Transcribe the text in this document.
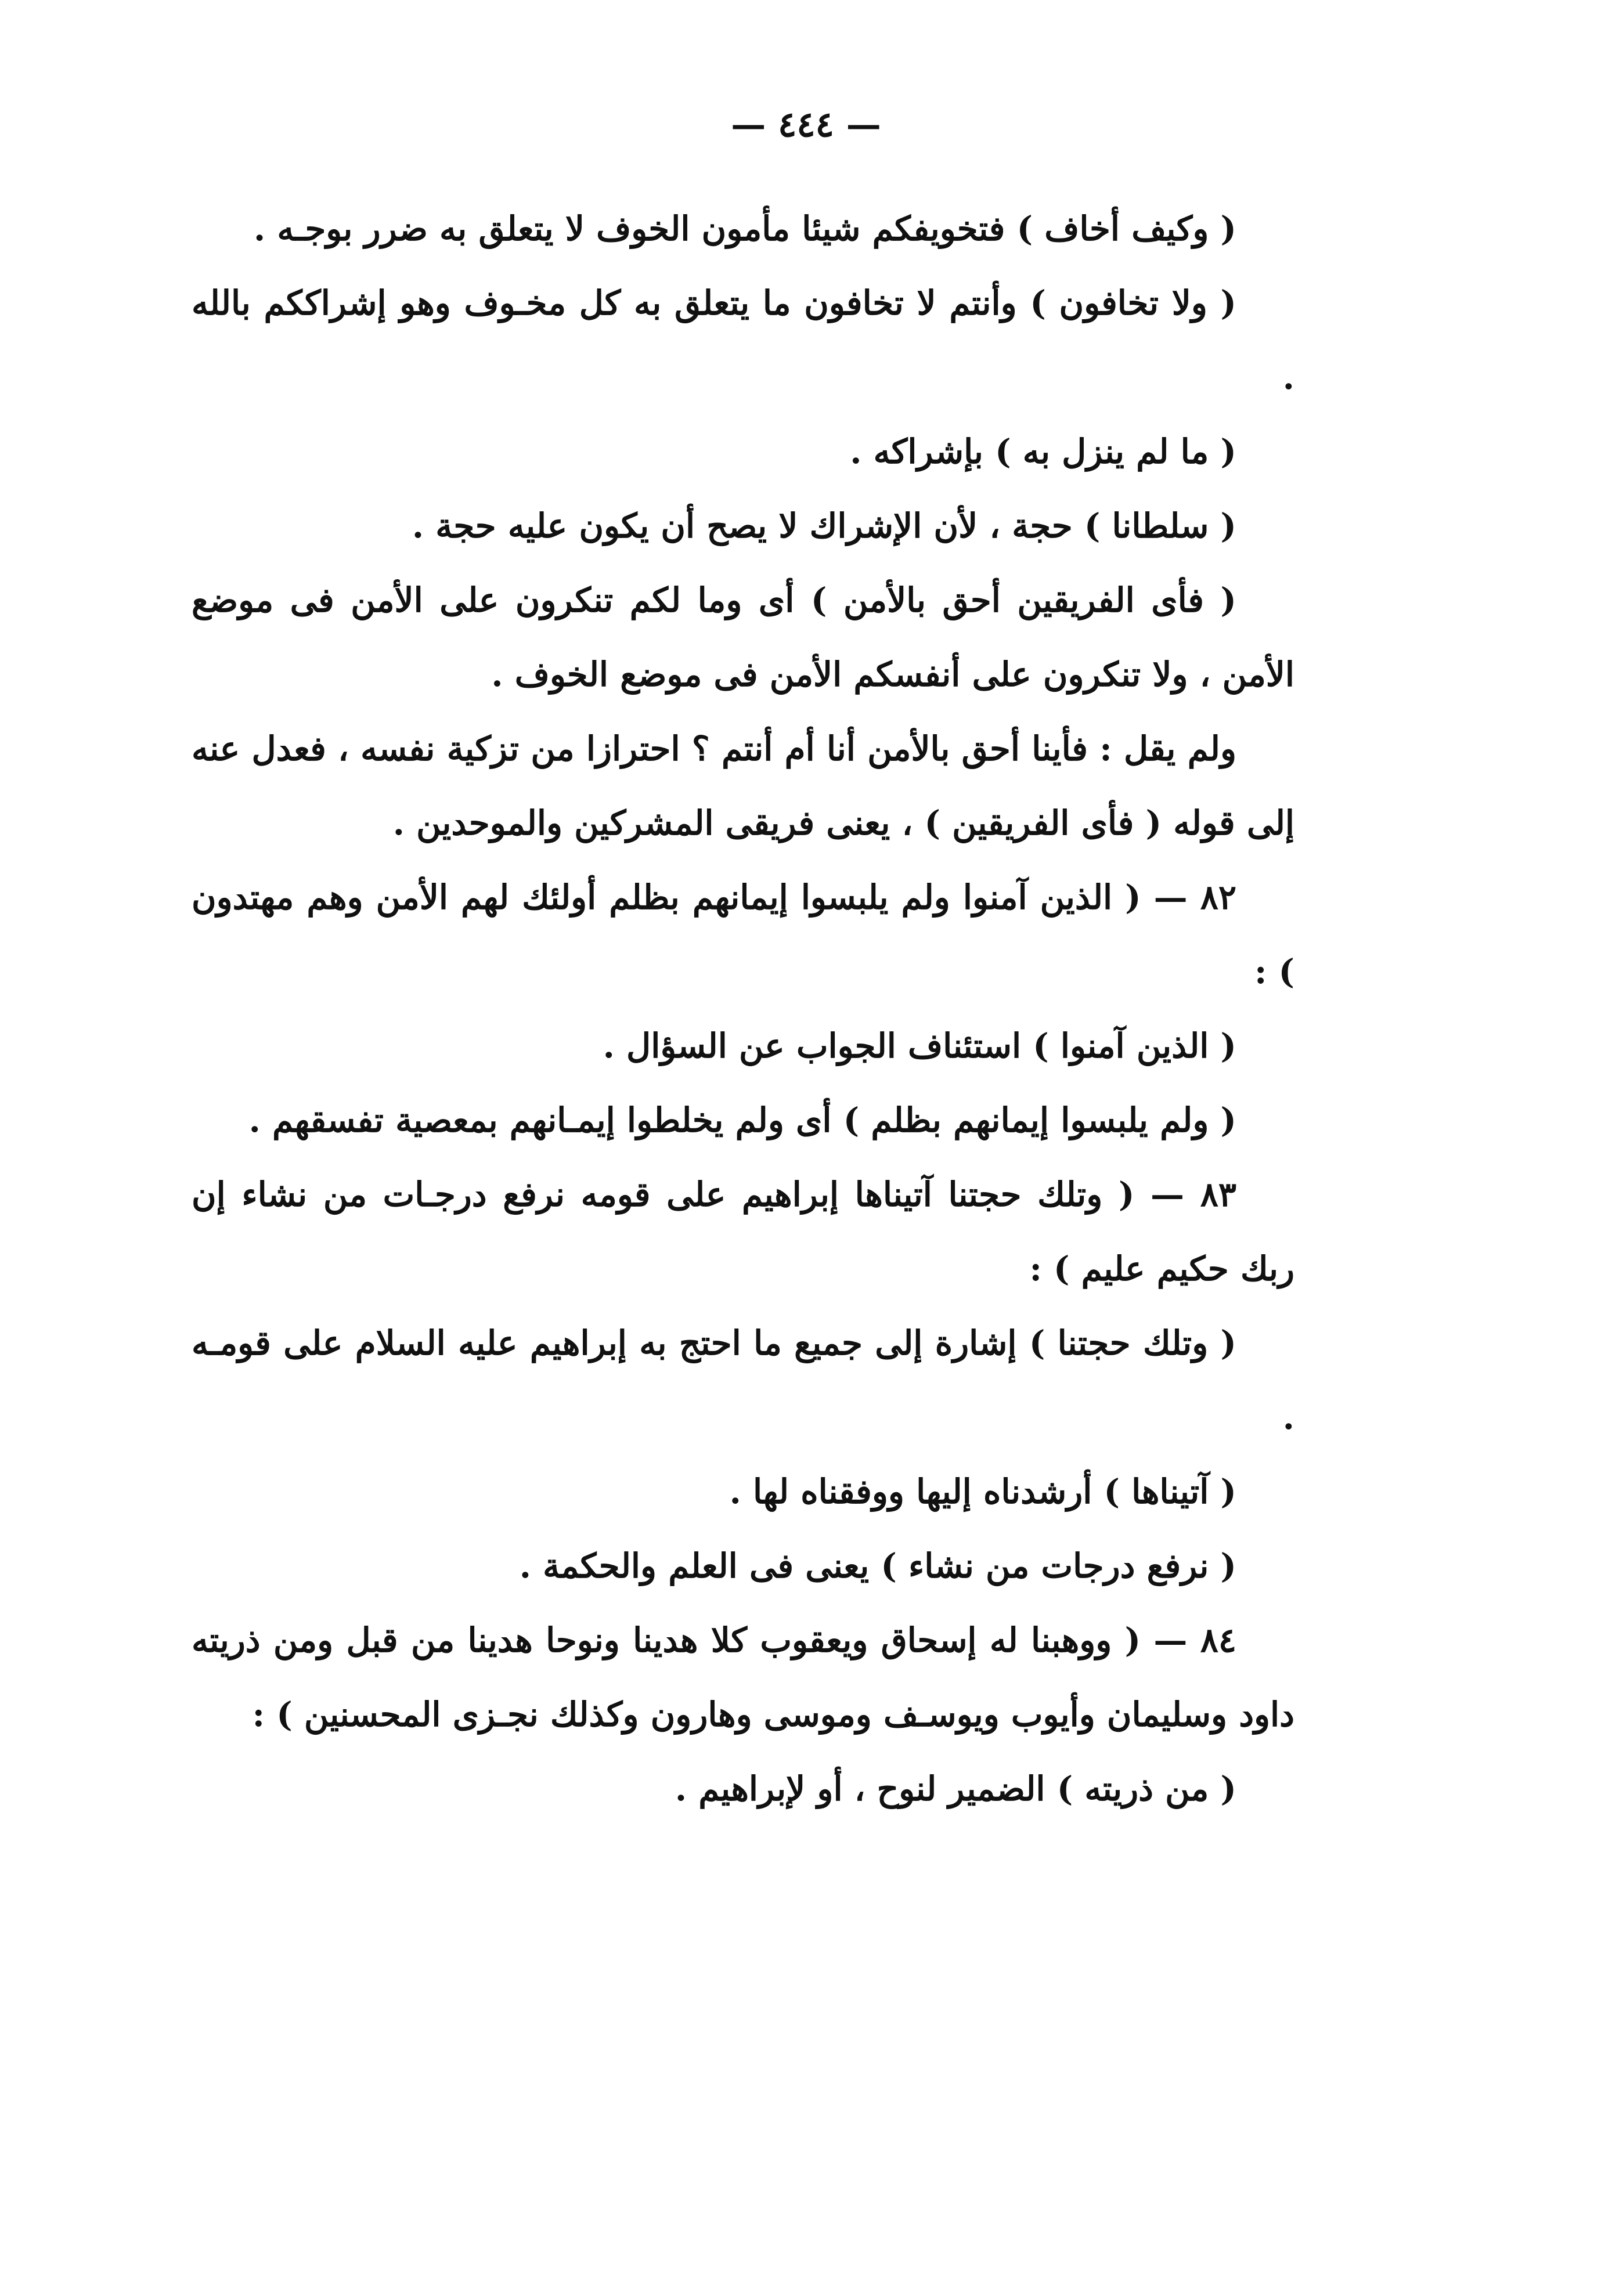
— ٤٤٤ —

( وكيف أخاف ) فتخويفكم شيئا مأمون الخوف لا يتعلق به ضرر بوجـه .

( ولا تخافون ) وأنتم لا تخافون ما يتعلق به كل مخـوف وهو إشراككم بالله .

( ما لم ينزل به ) بإشراكه .

( سلطانا ) حجة ، لأن الإشراك لا يصح أن يكون عليه حجة .

( فأى الفريقين أحق بالأمن ) أى وما لكم تنكرون على الأمن فى موضع الأمن ، ولا تنكرون على أنفسكم الأمن فى موضع الخوف .

ولم يقل : فأينا أحق بالأمن أنا أم أنتم ؟ احترازا من تزكية نفسه ، فعدل عنه إلى قوله ( فأى الفريقين ) ، يعنى فريقى المشركين والموحدين .

٨٢ — ( الذين آمنوا ولم يلبسوا إيمانهم بظلم أولئك لهم الأمن وهم مهتدون ) :

( الذين آمنوا ) استئناف الجواب عن السؤال .

( ولم يلبسوا إيمانهم بظلم ) أى ولم يخلطوا إيمـانهم بمعصية تفسقهم .

٨٣ — ( وتلك حجتنا آتيناها إبراهيم على قومه نرفع درجـات من نشاء إن ربك حكيم عليم ) :

( وتلك حجتنا ) إشارة إلى جميع ما احتج به إبراهيم عليه السلام على قومـه .

( آتيناها ) أرشدناه إليها ووفقناه لها .

( نرفع درجات من نشاء ) يعنى فى العلم والحكمة .

٨٤ — ( ووهبنا له إسحاق ويعقوب كلا هدينا ونوحا هدينا من قبل ومن ذريته داود وسليمان وأيوب ويوسـف وموسى وهارون وكذلك نجـزى المحسنين ) :

( من ذريته ) الضمير لنوح ، أو لإبراهيم .
